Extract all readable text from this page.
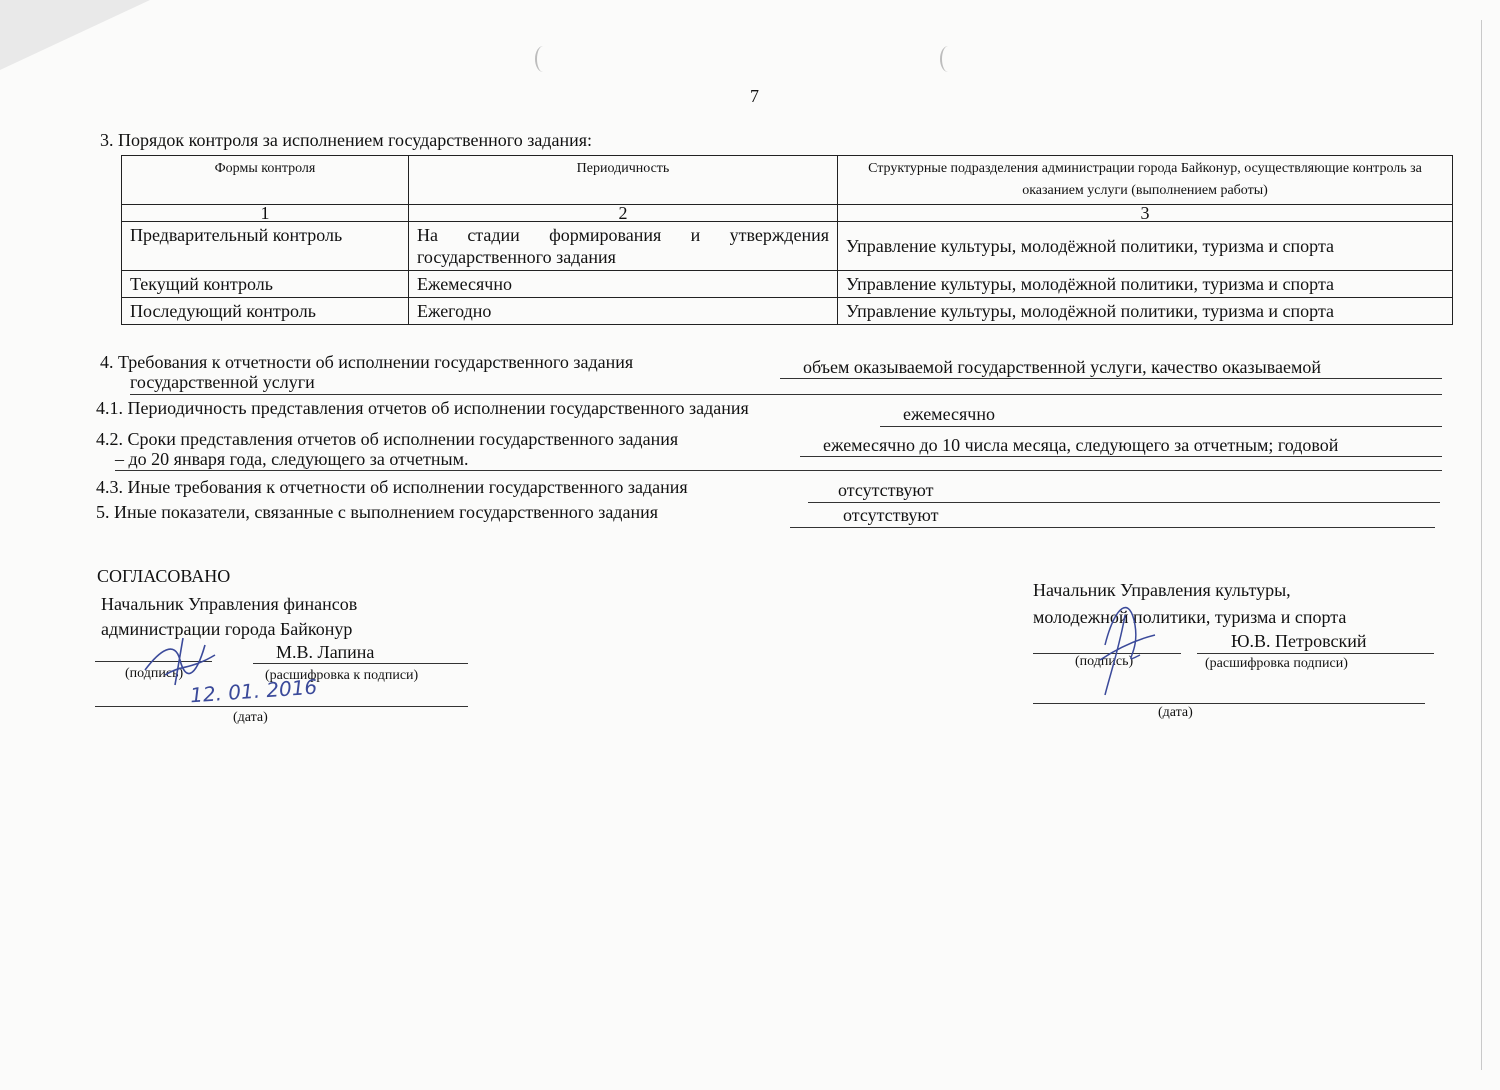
7
3. Порядок контроля за исполнением государственного задания:
Формы контроля	Периодичность	Структурные подразделения администрации города Байконур, осуществляющие контроль за оказанием услуги (выполнением работы)
1	2	3
Предварительный контроль	На стадии формирования и утверждения государственного задания	Управление культуры, молодёжной политики, туризма и спорта
Текущий контроль	Ежемесячно	Управление культуры, молодёжной политики, туризма и спорта
Последующий контроль	Ежегодно	Управление культуры, молодёжной политики, туризма и спорта
4. Требования к отчетности об исполнении государственного задания	объем оказываемой государственной услуги, качество оказываемой
государственной услуги
4.1. Периодичность представления отчетов об исполнении государственного задания	ежемесячно
4.2. Сроки представления отчетов об исполнении государственного задания	ежемесячно до 10 числа месяца, следующего за отчетным; годовой
– до 20 января года, следующего за отчетным.
4.3. Иные требования к отчетности об исполнении государственного задания	отсутствуют
5. Иные показатели, связанные с выполнением государственного задания	отсутствуют
СОГЛАСОВАНО
Начальник Управления финансов
администрации города Байконур
М.В. Лапина
(подпись)	(расшифровка к подписи)
12. 01. 2016
(дата)
Начальник Управления культуры,
молодежной политики, туризма и спорта
Ю.В. Петровский
(подпись)	(расшифровка подписи)
(дата)
